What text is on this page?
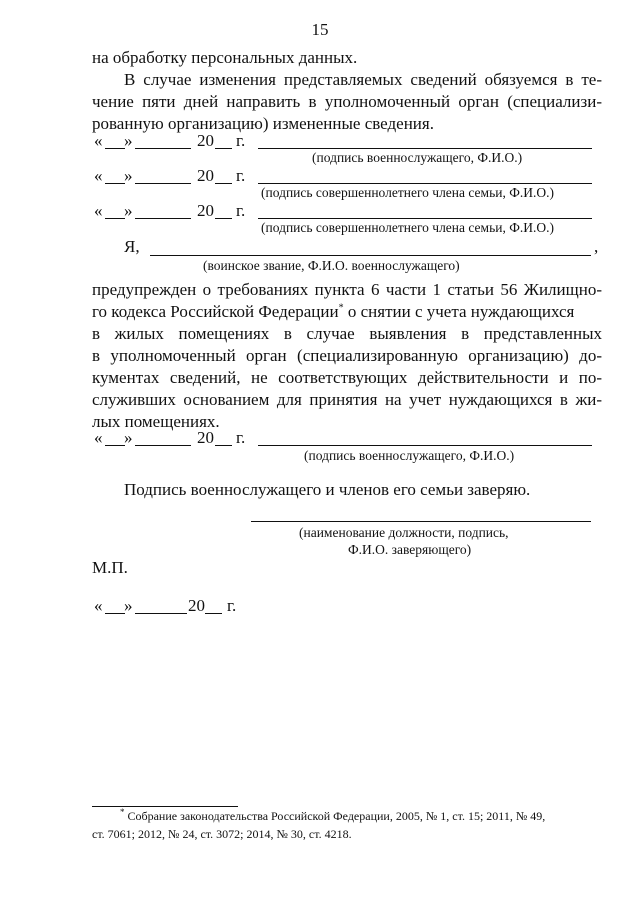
15
на обработку персональных данных.
В случае изменения представляемых сведений обязуемся в те-
чение пяти дней направить в уполномоченный орган (специализи-
рованную организацию) измененные сведения.
« »	20 г.
(подпись военнослужащего, Ф.И.О.)
« »	20 г.
(подпись совершеннолетнего члена семьи, Ф.И.О.)
« »	20 г.
(подпись совершеннолетнего члена семьи, Ф.И.О.)
Я,	,
(воинское звание, Ф.И.О. военнослужащего)
предупрежден о требованиях пункта 6 части 1 статьи 56 Жилищно-
го кодекса Российской Федерации* о снятии с учета нуждающихся
в жилых помещениях в случае выявления в представленных
в уполномоченный орган (специализированную организацию) до-
кументах сведений, не соответствующих действительности и по-
служивших основанием для принятия на учет нуждающихся в жи-
лых помещениях.
« »	20 г.
(подпись военнослужащего, Ф.И.О.)
Подпись военнослужащего и членов его семьи заверяю.
(наименование должности, подпись,
Ф.И.О. заверяющего)
М.П.
« »	20 г.
* Собрание законодательства Российской Федерации, 2005, № 1, ст. 15; 2011, № 49,
ст. 7061; 2012, № 24, ст. 3072; 2014, № 30, ст. 4218.
